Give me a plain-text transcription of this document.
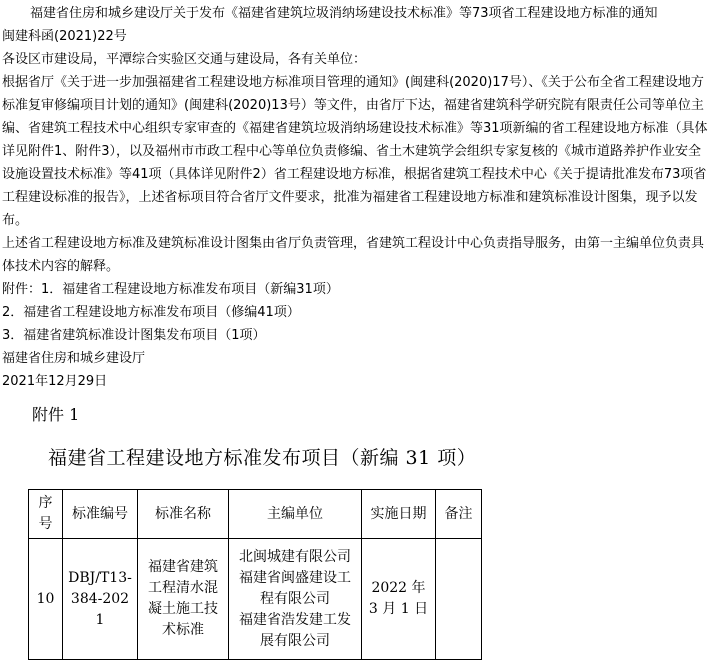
福建省住房和城乡建设厅关于发布《福建省建筑垃圾消纳场建设技术标准》等73项省工程建设地方标准的通知

闽建科函(2021)22号

各设区市建设局，平潭综合实验区交通与建设局，各有关单位：

根据省厅《关于进一步加强福建省工程建设地方标准项目管理的通知》(闽建科(2020)17号）、《关于公布全省工程建设地方标准复审修编项目计划的通知》(闽建科(2020)13号）等文件，由省厅下达，福建省建筑科学研究院有限责任公司等单位主编、省建筑工程技术中心组织专家审查的《福建省建筑垃圾消纳场建设技术标准》等31项新编的省工程建设地方标准（具体详见附件1、附件3），以及福州市市政工程中心等单位负责修编、省土木建筑学会组织专家复核的《城市道路养护作业安全设施设置技术标准》等41项（具体详见附件2）省工程建设地方标准，根据省建筑工程技术中心《关于提请批准发布73项省工程建设标准的报告》，上述省标项目符合省厅文件要求，批准为福建省工程建设地方标准和建筑标准设计图集，现予以发布。

上述省工程建设地方标准及建筑标准设计图集由省厅负责管理，省建筑工程设计中心负责指导服务，由第一主编单位负责具体技术内容的解释。

附件：1．福建省工程建设地方标准发布项目（新编31项）

2．福建省工程建设地方标准发布项目（修编41项）

3．福建省建筑标准设计图集发布项目（1项）

福建省住房和城乡建设厅

2021年12月29日

附件 1
福建省工程建设地方标准发布项目（新编 31 项）
序号	标准编号	标准名称	主编单位	实施日期	备注
10	DBJ/T13-384-2021	福建省建筑工程清水混凝土施工技术标准	北闽城建有限公司
福建省闽盛建设工程有限公司
福建省浩发建工发展有限公司	2022 年 3 月 1 日	
